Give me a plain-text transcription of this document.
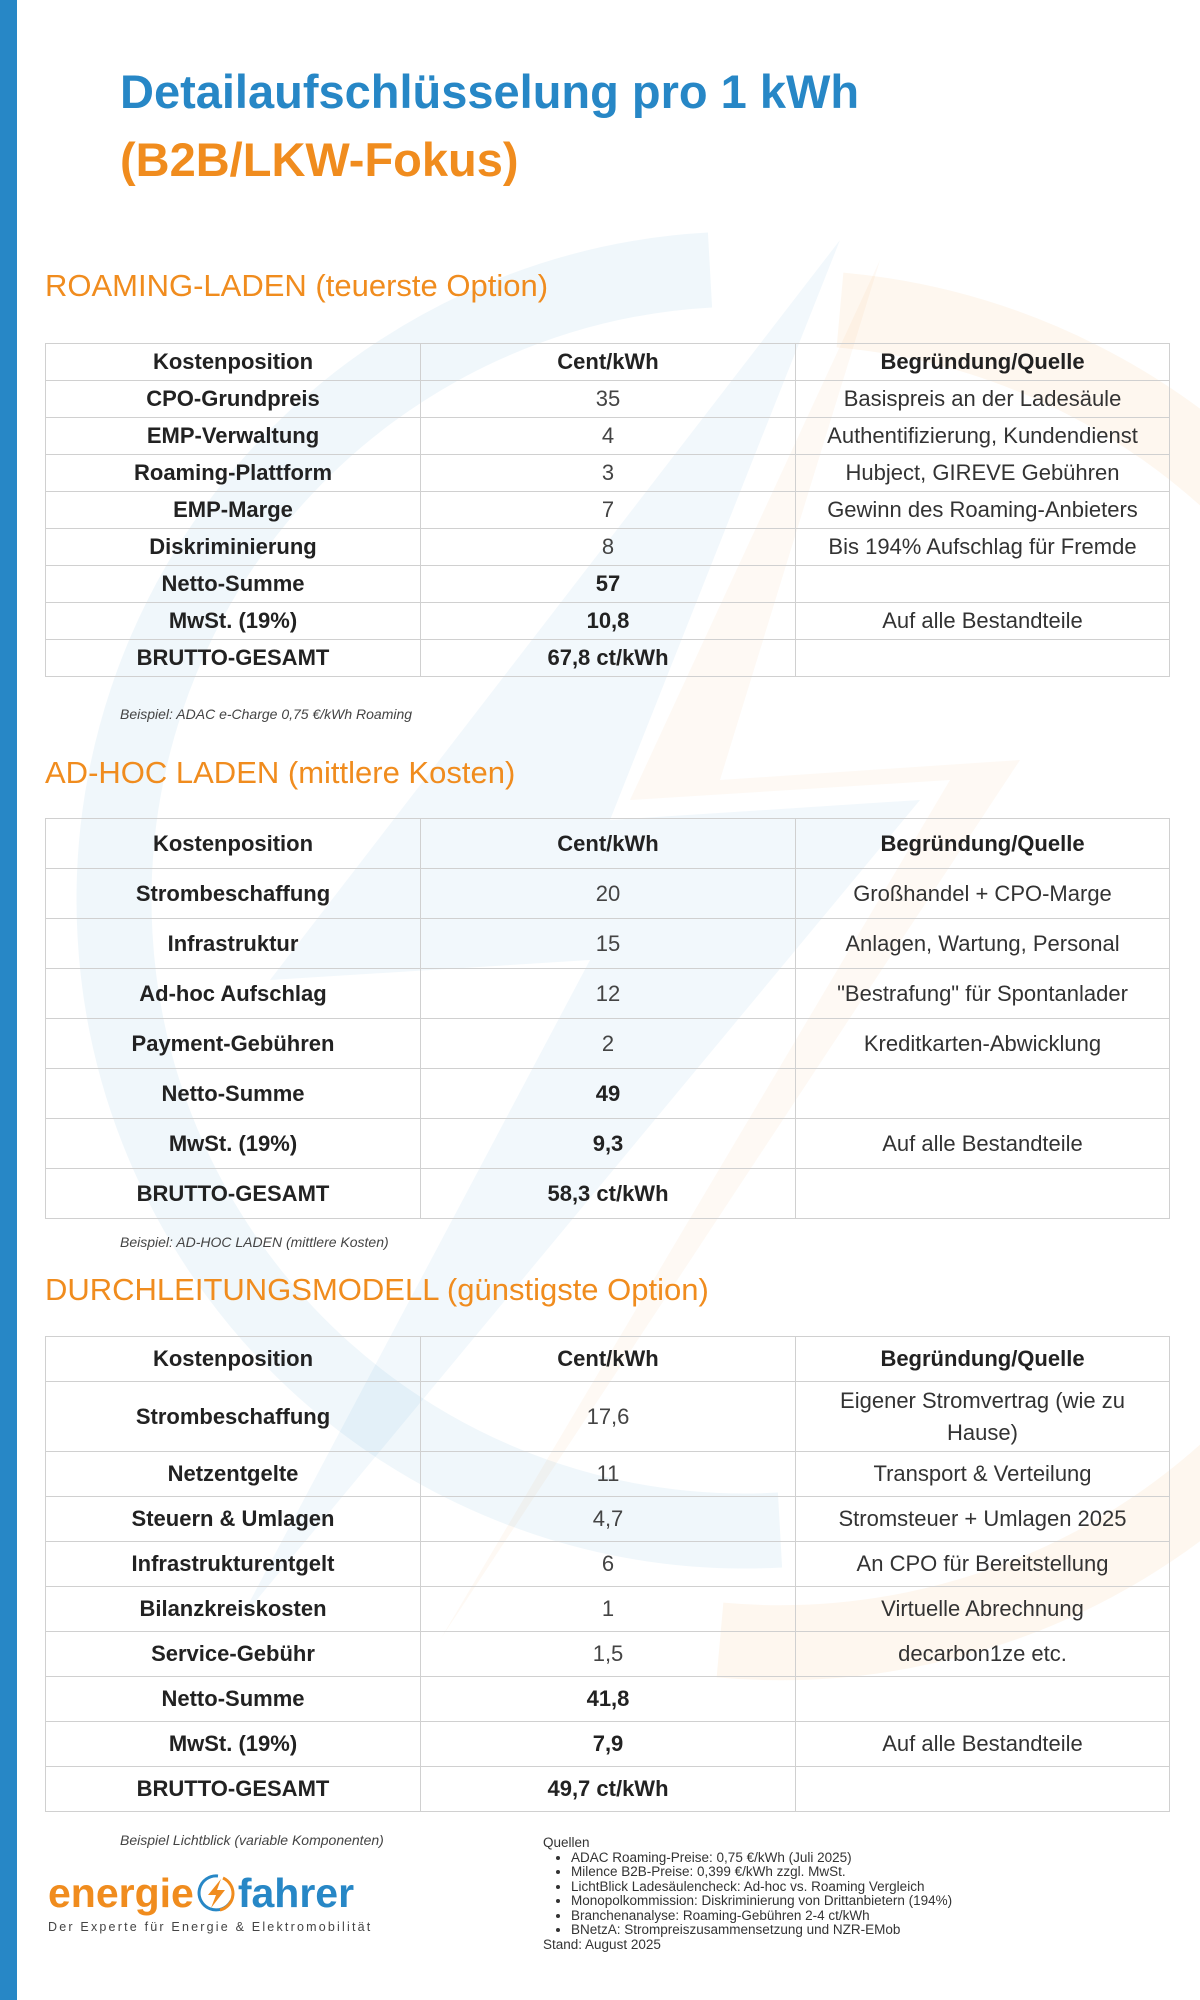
Detailaufschlüsselung pro 1 kWh
(B2B/LKW-Fokus)
ROAMING-LADEN (teuerste Option)
Kostenposition	Cent/kWh	Begründung/Quelle
CPO-Grundpreis	35	Basispreis an der Ladesäule
EMP-Verwaltung	4	Authentifizierung, Kundendienst
Roaming-Plattform	3	Hubject, GIREVE Gebühren
EMP-Marge	7	Gewinn des Roaming-Anbieters
Diskriminierung	8	Bis 194% Aufschlag für Fremde
Netto-Summe	57	
MwSt. (19%)	10,8	Auf alle Bestandteile
BRUTTO-GESAMT	67,8 ct/kWh	

Beispiel: ADAC e-Charge 0,75 €/kWh Roaming

AD-HOC LADEN (mittlere Kosten)
Kostenposition	Cent/kWh	Begründung/Quelle
Strombeschaffung	20	Großhandel + CPO-Marge
Infrastruktur	15	Anlagen, Wartung, Personal
Ad-hoc Aufschlag	12	"Bestrafung" für Spontanlader
Payment-Gebühren	2	Kreditkarten-Abwicklung
Netto-Summe	49	
MwSt. (19%)	9,3	Auf alle Bestandteile
BRUTTO-GESAMT	58,3 ct/kWh	

Beispiel: AD-HOC LADEN (mittlere Kosten)

DURCHLEITUNGSMODELL (günstigste Option)
Kostenposition	Cent/kWh	Begründung/Quelle
Strombeschaffung	17,6	Eigener Stromvertrag (wie zu Hause)
Netzentgelte	11	Transport & Verteilung
Steuern & Umlagen	4,7	Stromsteuer + Umlagen 2025
Infrastrukturentgelt	6	An CPO für Bereitstellung
Bilanzkreiskosten	1	Virtuelle Abrechnung
Service-Gebühr	1,5	decarbon1ze etc.
Netto-Summe	41,8	
MwSt. (19%)	7,9	Auf alle Bestandteile
BRUTTO-GESAMT	49,7 ct/kWh	

Beispiel Lichtblick (variable Komponenten)

energie fahrer
Der Experte für Energie & Elektromobilität
Quellen
• ADAC Roaming-Preise: 0,75 €/kWh (Juli 2025)
• Milence B2B-Preise: 0,399 €/kWh zzgl. MwSt.
• LichtBlick Ladesäulencheck: Ad-hoc vs. Roaming Vergleich
• Monopolkommission: Diskriminierung von Drittanbietern (194%)
• Branchenanalyse: Roaming-Gebühren 2-4 ct/kWh
• BNetzA: Strompreiszusammensetzung und NZR-EMob
Stand: August 2025
